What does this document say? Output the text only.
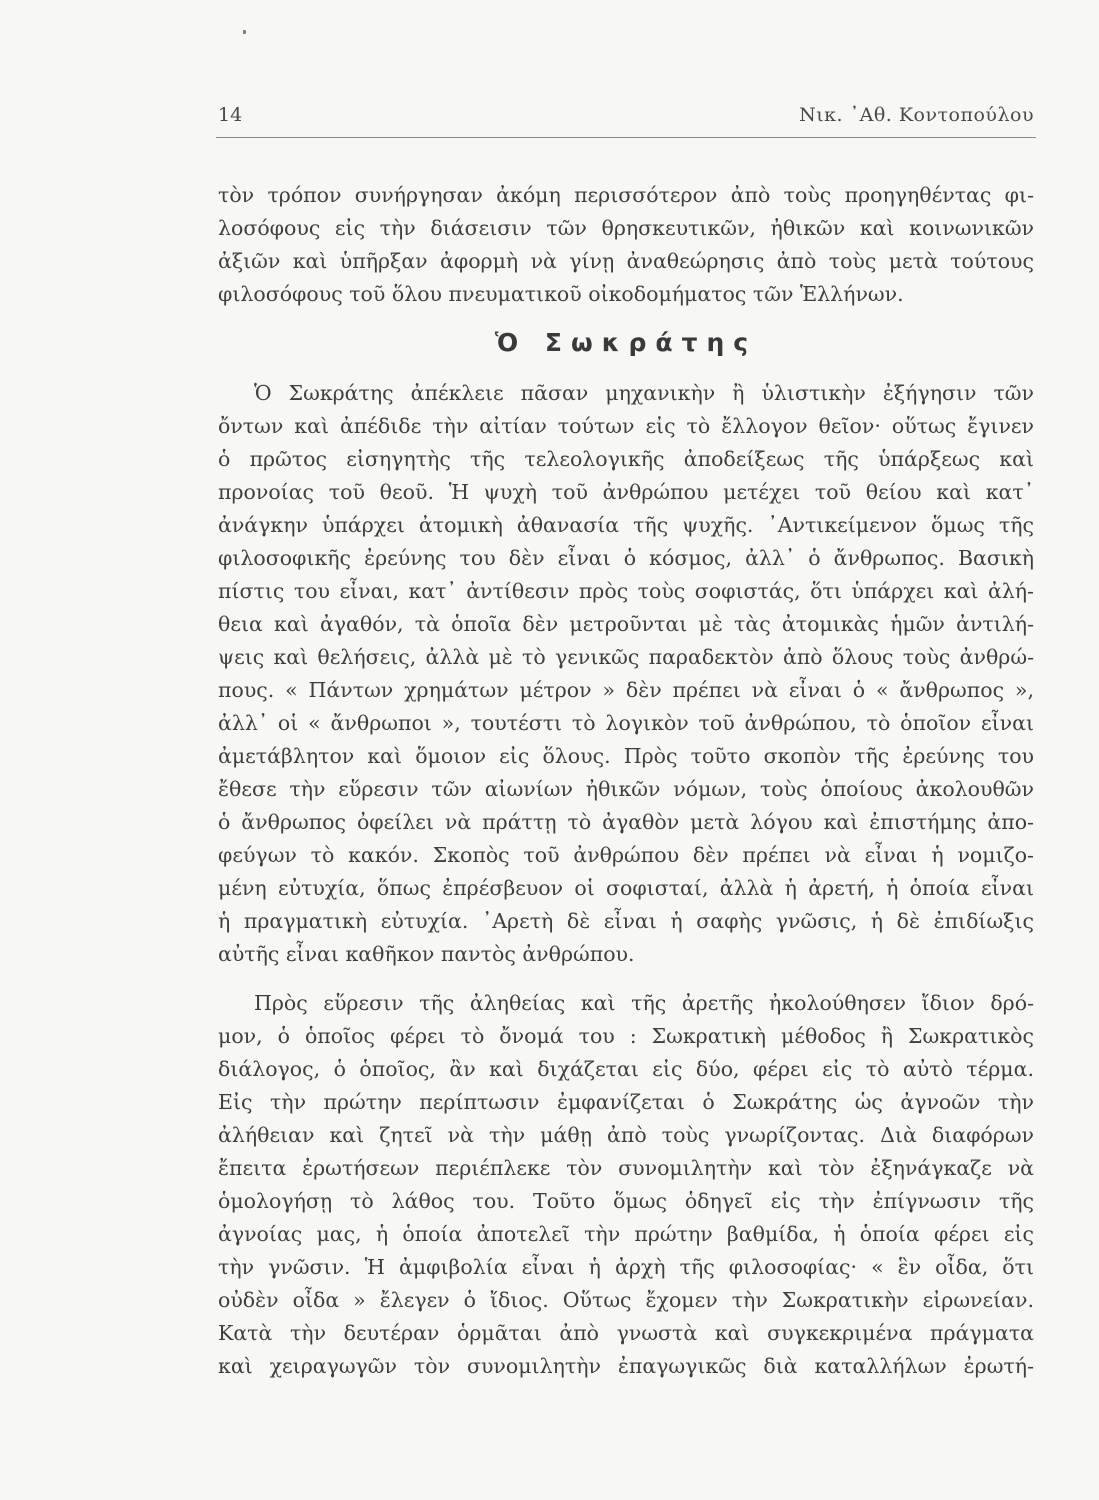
14	Νικ. ᾿Αθ. Κοντοπούλου
τὸν τρόπον συνήργησαν ἀκόμη περισσότερον ἀπὸ τοὺς προηγηθέντας φι-
λοσόφους εἰς τὴν διάσεισιν τῶν θρησκευτικῶν, ἠθικῶν καὶ κοινωνικῶν
ἀξιῶν καὶ ὑπῆρξαν ἀφορμὴ νὰ γίνῃ ἀναθεώρησις ἀπὸ τοὺς μετὰ τούτους
φιλοσόφους τοῦ ὅλου πνευματικοῦ οἰκοδομήματος τῶν Ἑλλήνων.
Ὁ Σωκράτης
Ὁ Σωκράτης ἀπέκλειε πᾶσαν μηχανικὴν ἢ ὑλιστικὴν ἐξήγησιν τῶν
ὄντων καὶ ἀπέδιδε τὴν αἰτίαν τούτων εἰς τὸ ἔλλογον θεῖον· οὕτως ἔγινεν
ὁ πρῶτος εἰσηγητὴς τῆς τελεολογικῆς ἀποδείξεως τῆς ὑπάρξεως καὶ
προνοίας τοῦ θεοῦ. Ἡ ψυχὴ τοῦ ἀνθρώπου μετέχει τοῦ θείου καὶ κατ᾿
ἀνάγκην ὑπάρχει ἀτομικὴ ἀθανασία τῆς ψυχῆς. ᾿Αντικείμενον ὅμως τῆς
φιλοσοφικῆς ἐρεύνης του δὲν εἶναι ὁ κόσμος, ἀλλ᾿ ὁ ἄνθρωπος. Βασικὴ
πίστις του εἶναι, κατ᾿ ἀντίθεσιν πρὸς τοὺς σοφιστάς, ὅτι ὑπάρχει καὶ ἀλή-
θεια καὶ ἀγαθόν, τὰ ὁποῖα δὲν μετροῦνται μὲ τὰς ἀτομικὰς ἡμῶν ἀντιλή-
ψεις καὶ θελήσεις, ἀλλὰ μὲ τὸ γενικῶς παραδεκτὸν ἀπὸ ὅλους τοὺς ἀνθρώ-
πους. « Πάντων χρημάτων μέτρον » δὲν πρέπει νὰ εἶναι ὁ « ἄνθρωπος »,
ἀλλ᾿ οἱ « ἄνθρωποι », τουτέστι τὸ λογικὸν τοῦ ἀνθρώπου, τὸ ὁποῖον εἶναι
ἀμετάβλητον καὶ ὅμοιον εἰς ὅλους. Πρὸς τοῦτο σκοπὸν τῆς ἐρεύνης του
ἔθεσε τὴν εὕρεσιν τῶν αἰωνίων ἠθικῶν νόμων, τοὺς ὁποίους ἀκολουθῶν
ὁ ἄνθρωπος ὀφείλει νὰ πράττῃ τὸ ἀγαθὸν μετὰ λόγου καὶ ἐπιστήμης ἀπο-
φεύγων τὸ κακόν. Σκοπὸς τοῦ ἀνθρώπου δὲν πρέπει νὰ εἶναι ἡ νομιζο-
μένη εὐτυχία, ὅπως ἐπρέσβευον οἱ σοφισταί, ἀλλὰ ἡ ἀρετή, ἡ ὁποία εἶναι
ἡ πραγματικὴ εὐτυχία. ᾿Αρετὴ δὲ εἶναι ἡ σαφὴς γνῶσις, ἡ δὲ ἐπιδίωξις
αὐτῆς εἶναι καθῆκον παντὸς ἀνθρώπου.
Πρὸς εὕρεσιν τῆς ἀληθείας καὶ τῆς ἀρετῆς ἠκολούθησεν ἴδιον δρό-
μον, ὁ ὁποῖος φέρει τὸ ὄνομά του : Σωκρατικὴ μέθοδος ἢ Σωκρατικὸς
διάλογος, ὁ ὁποῖος, ἂν καὶ διχάζεται εἰς δύο, φέρει εἰς τὸ αὐτὸ τέρμα.
Εἰς τὴν πρώτην περίπτωσιν ἐμφανίζεται ὁ Σωκράτης ὡς ἀγνοῶν τὴν
ἀλήθειαν καὶ ζητεῖ νὰ τὴν μάθῃ ἀπὸ τοὺς γνωρίζοντας. Διὰ διαφόρων
ἔπειτα ἐρωτήσεων περιέπλεκε τὸν συνομιλητὴν καὶ τὸν ἐξηνάγκαζε νὰ
ὁμολογήσῃ τὸ λάθος του. Τοῦτο ὅμως ὁδηγεῖ εἰς τὴν ἐπίγνωσιν τῆς
ἀγνοίας μας, ἡ ὁποία ἀποτελεῖ τὴν πρώτην βαθμίδα, ἡ ὁποία φέρει εἰς
τὴν γνῶσιν. Ἡ ἀμφιβολία εἶναι ἡ ἀρχὴ τῆς φιλοσοφίας· « ἓν οἶδα, ὅτι
οὐδὲν οἶδα » ἔλεγεν ὁ ἴδιος. Οὕτως ἔχομεν τὴν Σωκρατικὴν εἰρωνείαν.
Κατὰ τὴν δευτέραν ὁρμᾶται ἀπὸ γνωστὰ καὶ συγκεκριμένα πράγματα
καὶ χειραγωγῶν τὸν συνομιλητὴν ἐπαγωγικῶς διὰ καταλλήλων ἐρωτή-
